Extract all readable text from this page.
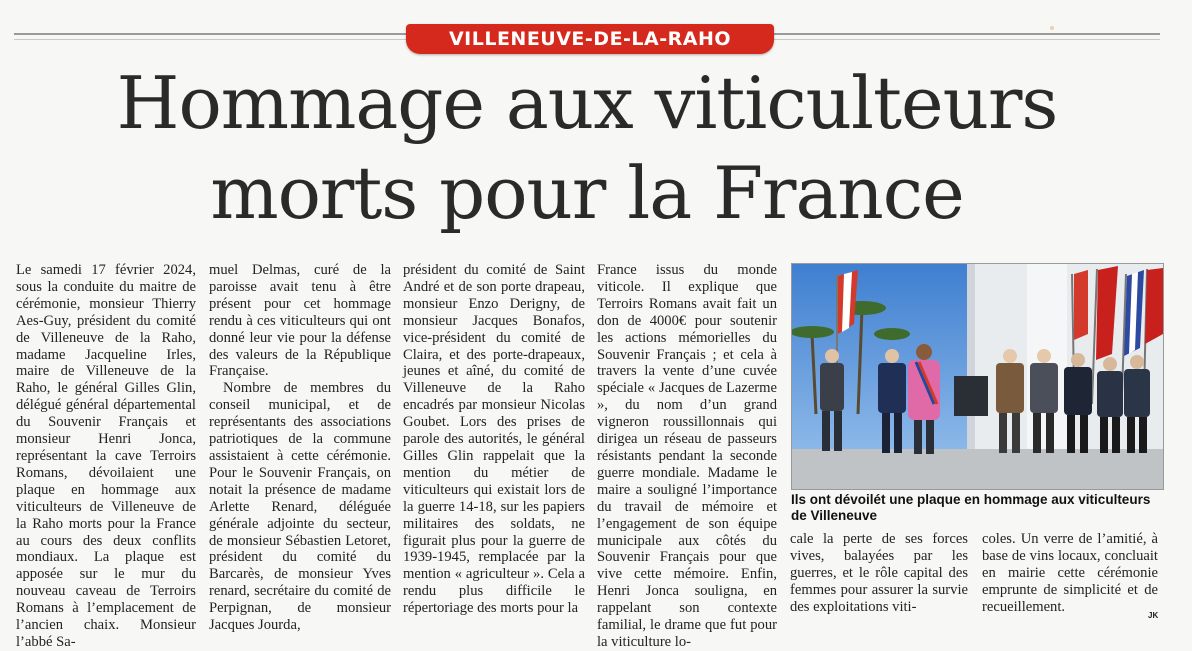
VILLENEUVE-DE-LA-RAHO
Hommage aux viticulteurs morts pour la France

Le samedi 17 février 2024, sous la conduite du maitre de cérémonie, monsieur Thierry Aes-Guy, président du comité de Villeneuve de la Raho, madame Jacqueline Irles, maire de Villeneuve de la Raho, le général Gilles Glin, délégué général départemental du Souvenir Français et monsieur Henri Jonca, représentant la cave Terroirs Romans, dévoilaient une plaque en hommage aux viticulteurs de Villeneuve de la Raho morts pour la France au cours des deux conflits mondiaux. La plaque est apposée sur le mur du nouveau caveau de Terroirs Romans à l’emplacement de l’ancien chaix. Monsieur l’abbé Sa-

muel Delmas, curé de la paroisse avait tenu à être présent pour cet hommage rendu à ces viticulteurs qui ont donné leur vie pour la défense des valeurs de la République Française.

Nombre de membres du conseil municipal, et de représentants des associations patriotiques de la commune assistaient à cette cérémonie. Pour le Souvenir Français, on notait la présence de madame Arlette Renard, déléguée générale adjointe du secteur, de monsieur Sébastien Letoret, président du comité du Barcarès, de monsieur Yves renard, secrétaire du comité de Perpignan, de monsieur Jacques Jourda,

président du comité de Saint André et de son porte drapeau, monsieur Enzo Derigny, de monsieur Jacques Bonafos, vice-président du comité de Claira, et des porte-drapeaux, jeunes et aîné, du comité de Villeneuve de la Raho encadrés par monsieur Nicolas Goubet. Lors des prises de parole des autorités, le général Gilles Glin rappelait que la mention du métier de viticulteurs qui existait lors de la guerre 14-18, sur les papiers militaires des soldats, ne figurait plus pour la guerre de 1939-1945, remplacée par la mention « agriculteur ». Cela a rendu plus difficile le répertoriage des morts pour la

France issus du monde viticole. Il explique que Terroirs Romans avait fait un don de 4000€ pour soutenir les actions mémorielles du Souvenir Français ; et cela à travers la vente d’une cuvée spéciale « Jacques de Lazerme », du nom d’un grand vigneron roussillonnais qui dirigea un réseau de passeurs résistants pendant la seconde guerre mondiale. Madame le maire a souligné l’importance du travail de mémoire et l’engagement de son équipe municipale aux côtés du Souvenir Français pour que vive cette mémoire. Enfin, Henri Jonca souligna, en rappelant son contexte familial, le drame que fut pour la viticulture lo-

cale la perte de ses forces vives, balayées par les guerres, et le rôle capital des femmes pour assurer la survie des exploitations viti-

coles. Un verre de l’amitié, à base de vins locaux, concluait en mairie cette cérémonie emprunte de simplicité et de recueillement.

Ils ont dévoilét une plaque en hommage aux viticulteurs de Villeneuve
JK
